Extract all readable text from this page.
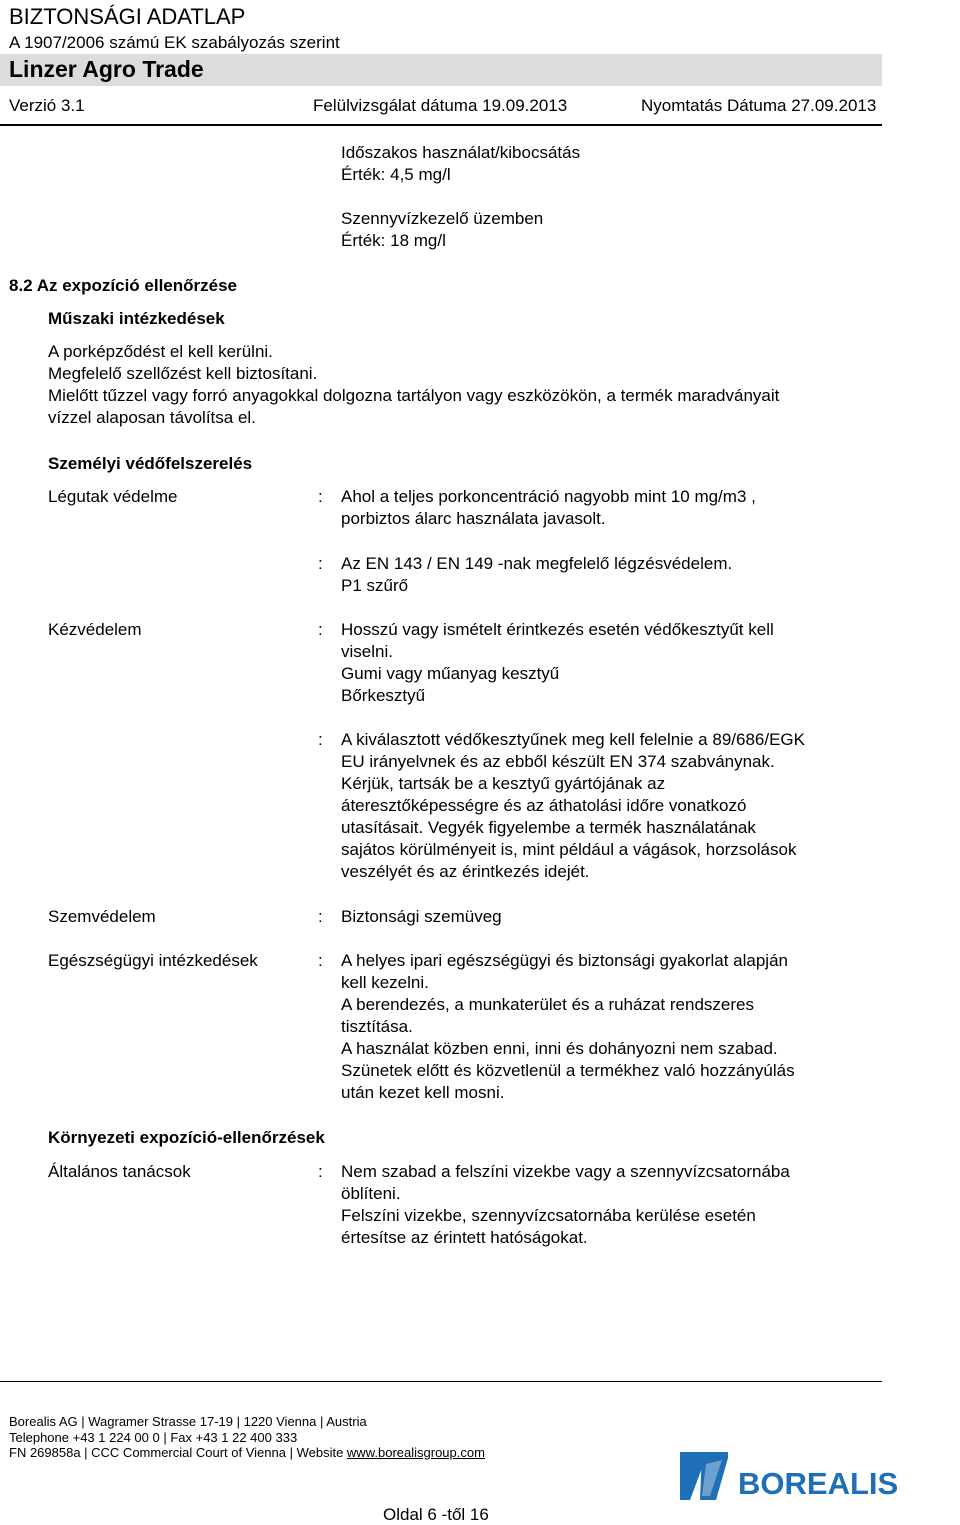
BIZTONSÁGI ADATLAP
A 1907/2006 számú EK szabályozás szerint
Linzer Agro Trade
Verzió 3.1	Felülvizsgálat dátuma 19.09.2013	Nyomtatás Dátuma 27.09.2013
Időszakos használat/kibocsátás
Érték: 4,5 mg/l
Szennyvízkezelő üzemben
Érték: 18 mg/l
8.2 Az expozíció ellenőrzése
Műszaki intézkedések
A porképződést el kell kerülni.
Megfelelő szellőzést kell biztosítani.
Mielőtt tűzzel vagy forró anyagokkal dolgozna tartályon vagy eszközökön, a termék maradványait
vízzel alaposan távolítsa el.
Személyi védőfelszerelés
Légutak védelme	: Ahol a teljes porkoncentráció nagyobb mint 10 mg/m3 ,
porbiztos álarc használata javasolt.
: Az EN 143 / EN 149 -nak megfelelő légzésvédelem.
P1 szűrő
Kézvédelem	: Hosszú vagy ismételt érintkezés esetén védőkesztyűt kell
viselni.
Gumi vagy műanyag kesztyű
Bőrkesztyű
: A kiválasztott védőkesztyűnek meg kell felelnie a 89/686/EGK
EU irányelvnek és az ebből készült EN 374 szabványnak.
Kérjük, tartsák be a kesztyű gyártójának az
áteresztőképességre és az áthatolási időre vonatkozó
utasításait. Vegyék figyelembe a termék használatának
sajátos körülményeit is, mint például a vágások, horzsolások
veszélyét és az érintkezés idejét.
Szemvédelem	: Biztonsági szemüveg
Egészségügyi intézkedések	: A helyes ipari egészségügyi és biztonsági gyakorlat alapján
kell kezelni.
A berendezés, a munkaterület és a ruházat rendszeres
tisztítása.
A használat közben enni, inni és dohányozni nem szabad.
Szünetek előtt és közvetlenül a termékhez való hozzányúlás
után kezet kell mosni.
Környezeti expozíció-ellenőrzések
Általános tanácsok	: Nem szabad a felszíni vizekbe vagy a szennyvízcsatornába
öblíteni.
Felszíni vizekbe, szennyvízcsatornába kerülése esetén
értesítse az érintett hatóságokat.
Borealis AG | Wagramer Strasse 17-19 | 1220 Vienna | Austria
Telephone +43 1 224 00 0 | Fax +43 1 22 400 333
FN 269858a | CCC Commercial Court of Vienna | Website www.borealisgroup.com
BOREALIS
Oldal 6 -től 16
